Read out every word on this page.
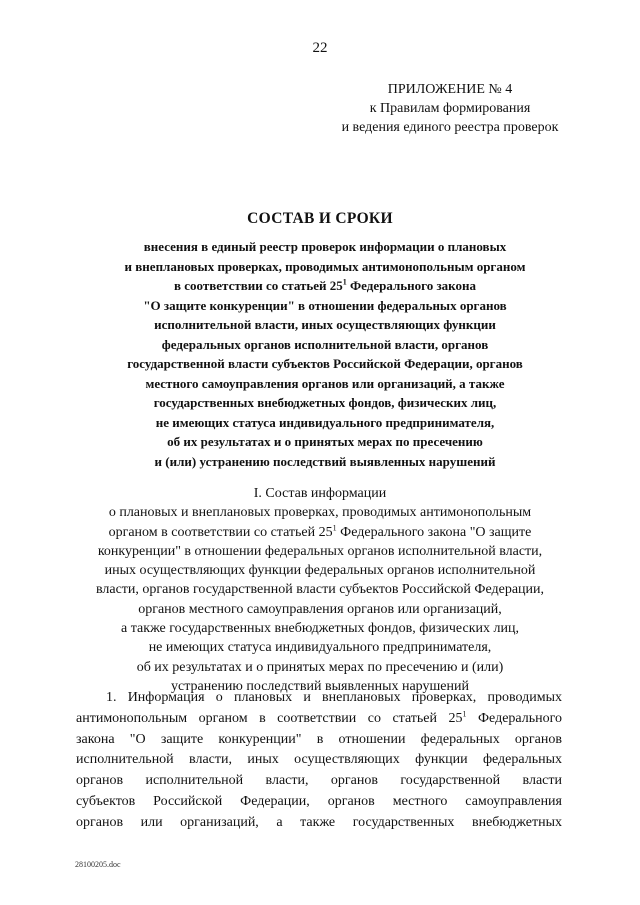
22
ПРИЛОЖЕНИЕ № 4
к Правилам формирования
и ведения единого реестра проверок
СОСТАВ И СРОКИ
внесения в единый реестр проверок информации о плановых
и внеплановых проверках, проводимых антимонопольным органом
в соответствии со статьей $25^1$ Федерального закона
"О защите конкуренции" в отношении федеральных органов
исполнительной власти, иных осуществляющих функции
федеральных органов исполнительной власти, органов
государственной власти субъектов Российской Федерации, органов
местного самоуправления органов или организаций, а также
государственных внебюджетных фондов, физических лиц,
не имеющих статуса индивидуального предпринимателя,
об их результатах и о принятых мерах по пресечению
и (или) устранению последствий выявленных нарушений
I. Состав информации
о плановых и внеплановых проверках, проводимых антимонопольным
органом в соответствии со статьей $25^1$ Федерального закона "О защите
конкуренции" в отношении федеральных органов исполнительной власти,
иных осуществляющих функции федеральных органов исполнительной
власти, органов государственной власти субъектов Российской Федерации,
органов местного самоуправления органов или организаций,
а также государственных внебюджетных фондов, физических лиц,
не имеющих статуса индивидуального предпринимателя,
об их результатах и о принятых мерах по пресечению и (или)
устранению последствий выявленных нарушений
1. Информация о плановых и внеплановых проверках, проводимых
антимонопольным органом в соответствии со статьей $25^1$ Федерального
закона "О защите конкуренции" в отношении федеральных органов
исполнительной власти, иных осуществляющих функции федеральных
органов исполнительной власти, органов государственной власти
субъектов Российской Федерации, органов местного самоуправления
органов или организаций, а также государственных внебюджетных
28100205.doc
